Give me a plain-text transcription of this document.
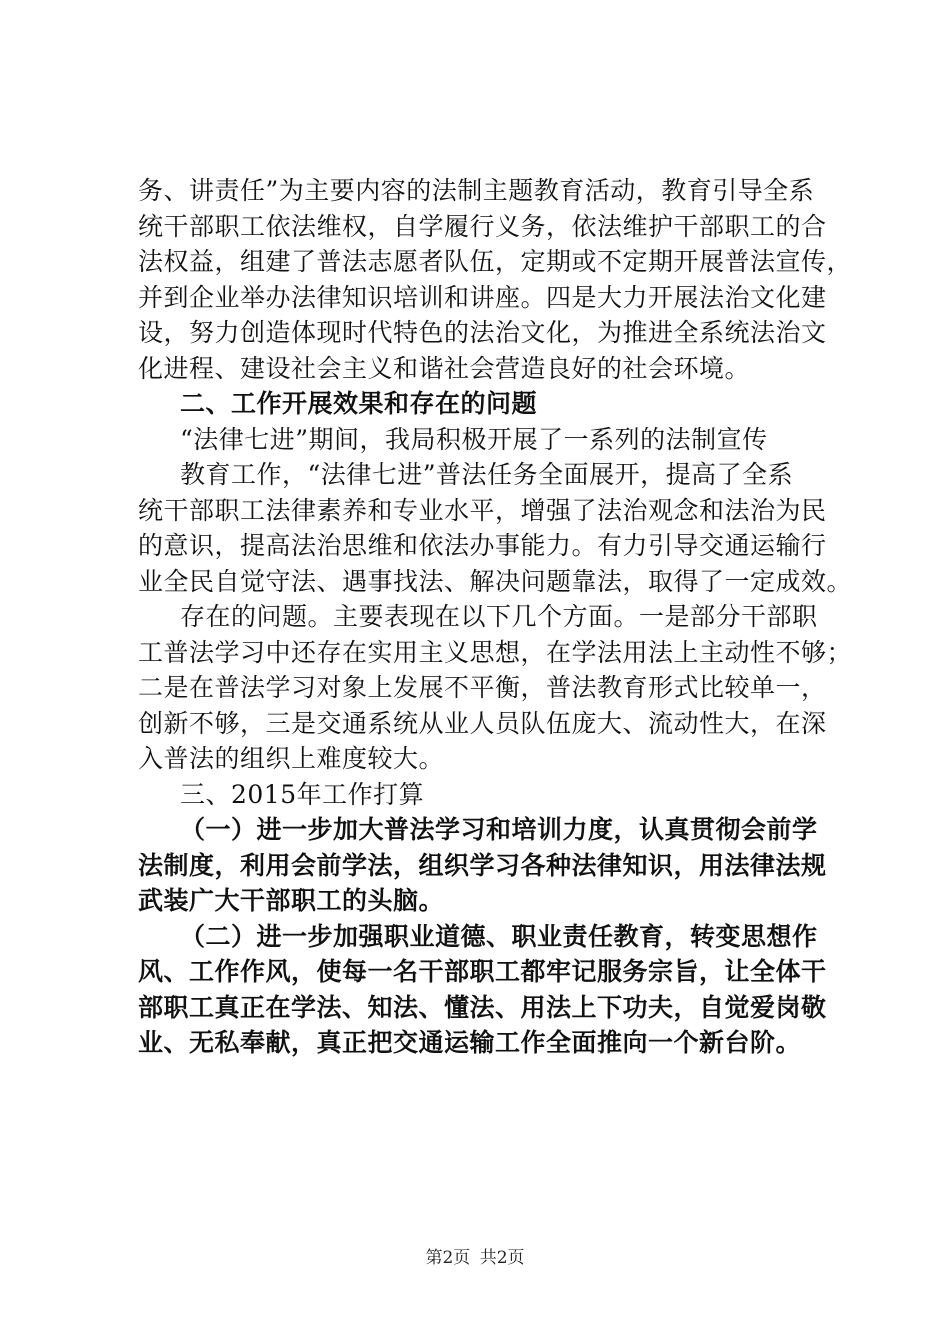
务、讲责任”为主要内容的法制主题教育活动，教育引导全系
统干部职工依法维权，自学履行义务，依法维护干部职工的合
法权益，组建了普法志愿者队伍，定期或不定期开展普法宣传，
并到企业举办法律知识培训和讲座。四是大力开展法治文化建
设，努力创造体现时代特色的法治文化，为推进全系统法治文
化进程、建设社会主义和谐社会营造良好的社会环境。
二、工作开展效果和存在的问题
“法律七进”期间，我局积极开展了一系列的法制宣传
教育工作，“法律七进”普法任务全面展开，提高了全系
统干部职工法律素养和专业水平，增强了法治观念和法治为民
的意识，提高法治思维和依法办事能力。有力引导交通运输行
业全民自觉守法、遇事找法、解决问题靠法，取得了一定成效。
存在的问题。主要表现在以下几个方面。一是部分干部职
工普法学习中还存在实用主义思想，在学法用法上主动性不够；
二是在普法学习对象上发展不平衡，普法教育形式比较单一，
创新不够，三是交通系统从业人员队伍庞大、流动性大，在深
入普法的组织上难度较大。
三、2015年工作打算
（一）进一步加大普法学习和培训力度，认真贯彻会前学
法制度，利用会前学法，组织学习各种法律知识，用法律法规
武装广大干部职工的头脑。
（二）进一步加强职业道德、职业责任教育，转变思想作
风、工作作风，使每一名干部职工都牢记服务宗旨，让全体干
部职工真正在学法、知法、懂法、用法上下功夫，自觉爱岗敬
业、无私奉献，真正把交通运输工作全面推向一个新台阶。
第2页 共2页
